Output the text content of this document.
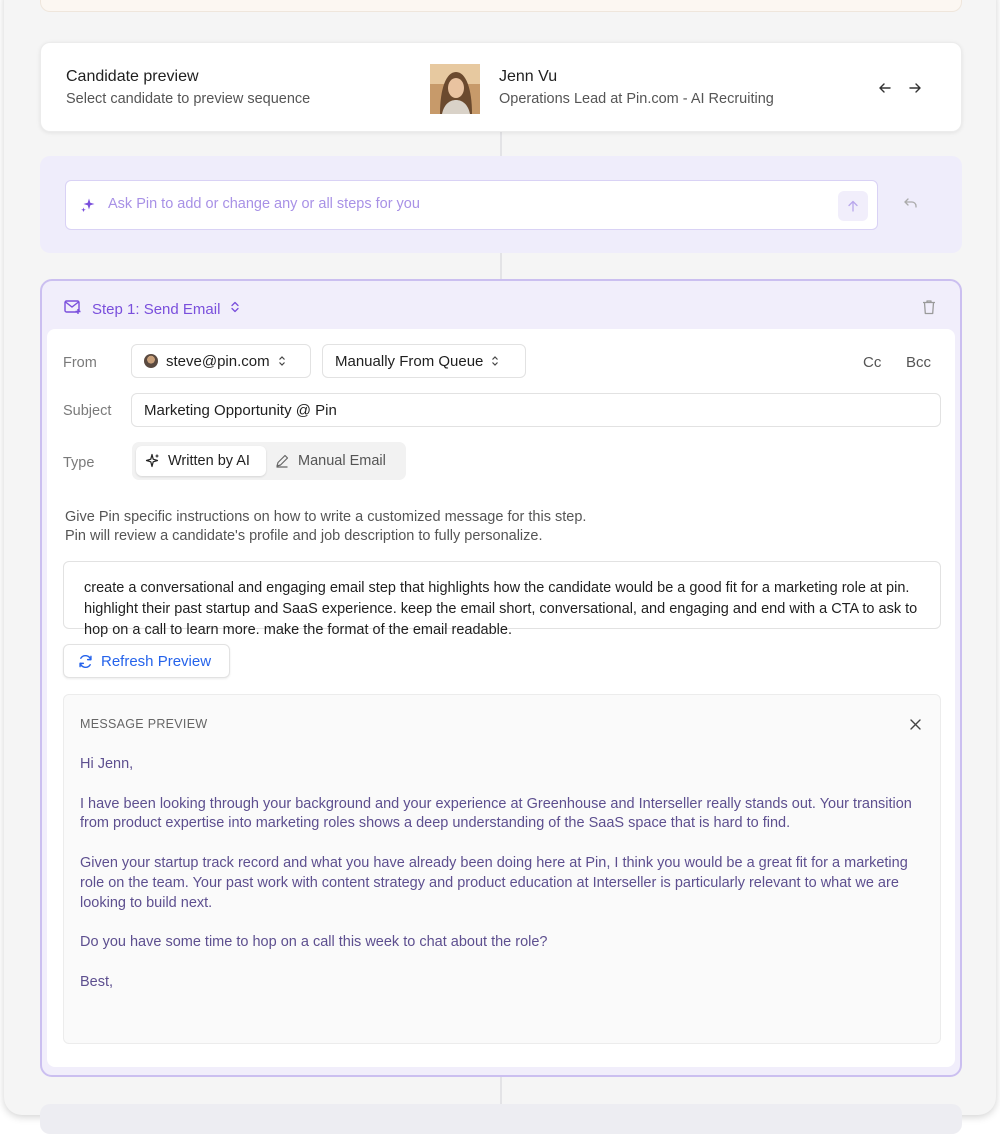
Candidate preview
Select candidate to preview sequence
Jenn Vu
Operations Lead at Pin.com - AI Recruiting
Ask Pin to add or change any or all steps for you
Step 1: Send Email
From	steve@pin.com	Manually From Queue	Cc Bcc
Subject	Marketing Opportunity @ Pin
Type	Written by AI	Manual Email
Give Pin specific instructions on how to write a customized message for this step.
Pin will review a candidate's profile and job description to fully personalize.
create a conversational and engaging email step that highlights how the candidate would be a good fit for a marketing role at pin. highlight their past startup and SaaS experience. keep the email short, conversational, and engaging and end with a CTA to ask to hop on a call to learn more. make the format of the email readable.
Refresh Preview
MESSAGE PREVIEW

Hi Jenn,

I have been looking through your background and your experience at Greenhouse and Interseller really stands out. Your transition from product expertise into marketing roles shows a deep understanding of the SaaS space that is hard to find.

Given your startup track record and what you have already been doing here at Pin, I think you would be a great fit for a marketing role on the team. Your past work with content strategy and product education at Interseller is particularly relevant to what we are looking to build next.

Do you have some time to hop on a call this week to chat about the role?

Best,
